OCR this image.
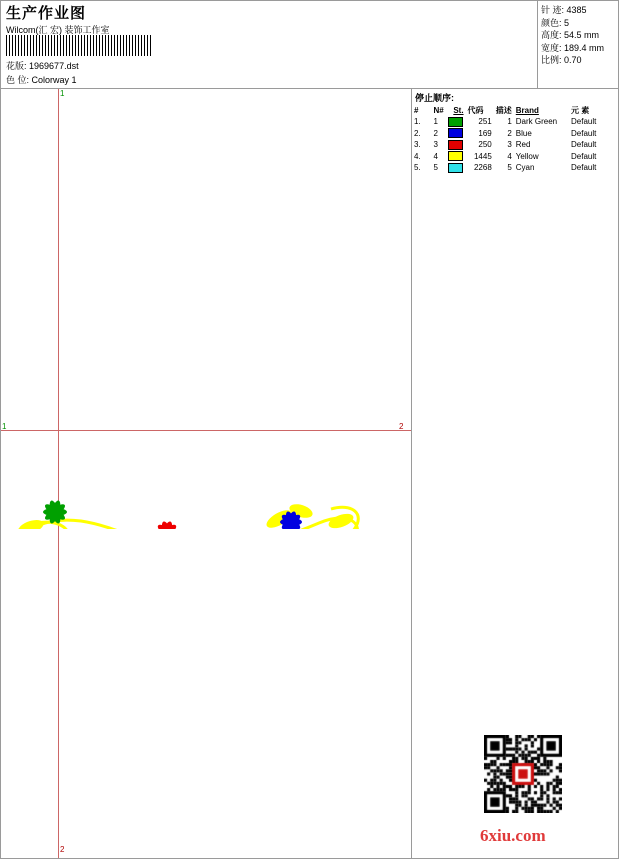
生产作业图
Wilcom(汇 宏) 装饰工作室
花版: 1969677.dst
色 位: Colorway 1
针 迹: 4385
颜色: 5
高度: 54.5 mm
宽度: 189.4 mm
比例: 0.70
停止顺序:
#	N#	St.	代码	描述	Brand	元 素	
1.	1		251	1	Dark Green	Default	
2.	2		169	2	Blue	Default	
3.	3		250	3	Red	Default	
4.	4		1445	4	Yellow	Default	
5.	5		2268	5	Cyan	Default	
1
2
1	2
6xiu.com
